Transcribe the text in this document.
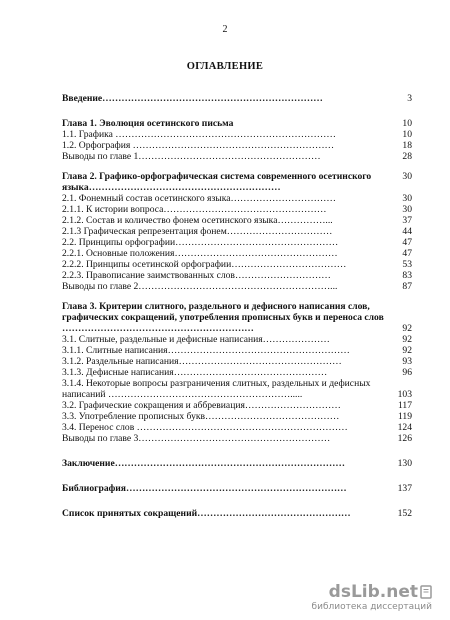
2
ОГЛАВЛЕНИЕ
Введение……………………………………………………………	3

Глава 1. Эволюция осетинского письма	10
1.1. Графика ……………………………………………………………	10
1.2. Орфография ………………………………………………………	18
Выводы по главе 1…………………………………………………	28

Глава 2. Графико-орфографическая система современного осетинского языка……………………………………………………	30
2.1. Фонемный состав осетинского языка……………………………	30
2.1.1. К истории вопроса……………………………………………	30
2.1.2. Состав и количество фонем осетинского языка……………...	37
2.1.3 Графическая репрезентация фонем……………………………	44
2.2. Принципы орфографии……………………………………………	47
2.2.1. Основные положения……………………………………………	47
2.2.2. Принципы осетинской орфографии………………………………	53
2.2.3. Правописание заимствованных слов…………………………	83
Выводы по главе 2……………………………………………………...	87

Глава 3. Критерии слитного, раздельного и дефисного написания слов, графических сокращений, употребления прописных букв и переноса слов ……………………………………………………	92
3.1. Слитные, раздельные и дефисные написания…………………	92
3.1.1. Слитные написания…………………………………………………	92
3.1.2. Раздельные написания……………………………………………	93
3.1.3. Дефисные написания…………………………………………	96
3.1.4. Некоторые вопросы разграничения слитных, раздельных и дефисных написаний ………………………………………………….....	103
3.2. Графические сокращения и аббревиация…………………………	117
3.3. Употребление прописных букв……………………………………	119
3.4. Перенос слов …………………………………………………………	124
Выводы по главе 3……………………………………………………	126

Заключение………………………………………………………………	130

Библиография……………………………………………………………	137

Список принятых сокращений…………………………………………	152
dsLib.net
библиотека диссертаций
